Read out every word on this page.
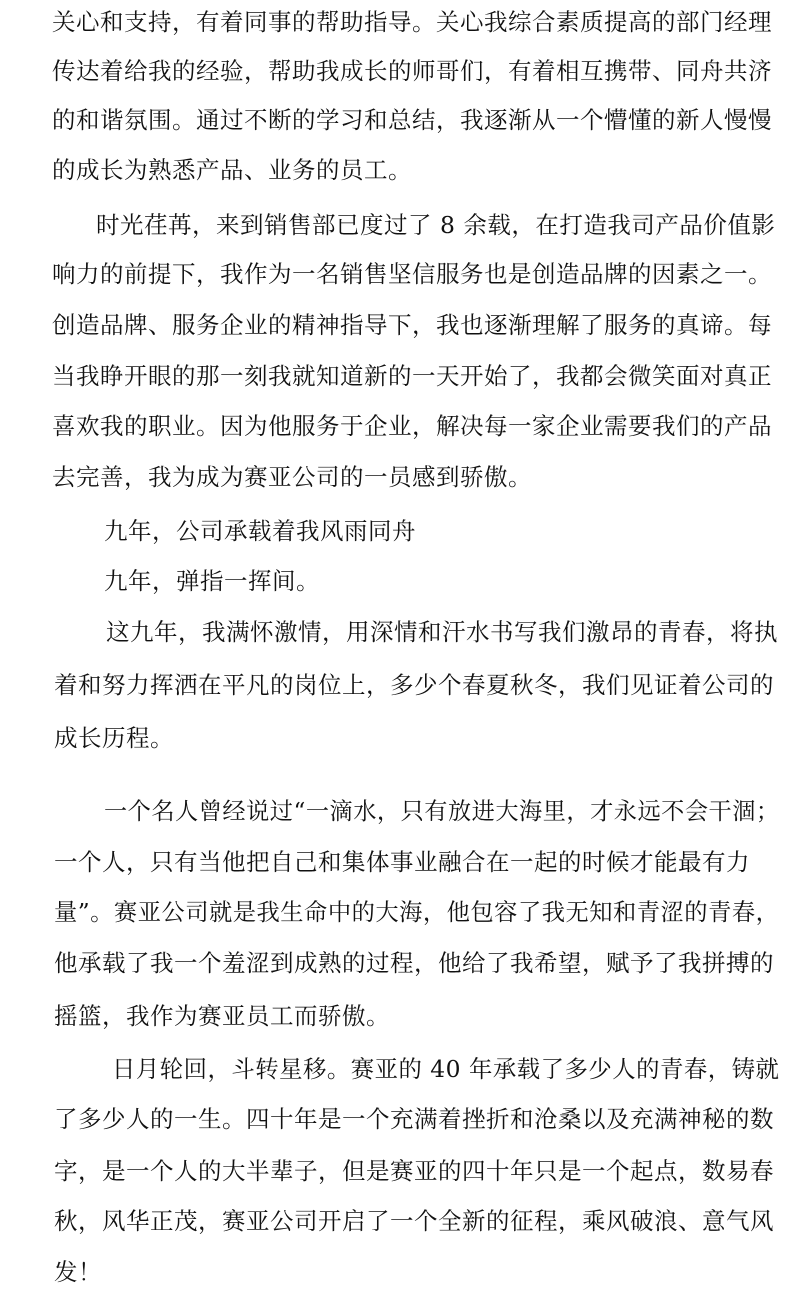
关心和支持，有着同事的帮助指导。关心我综合素质提高的部门经理

传达着给我的经验，帮助我成长的师哥们，有着相互携带、同舟共济

的和谐氛围。通过不断的学习和总结，我逐渐从一个懵懂的新人慢慢

的成长为熟悉产品、业务的员工。

时光荏苒，来到销售部已度过了 8 余载，在打造我司产品价值影

响力的前提下，我作为一名销售坚信服务也是创造品牌的因素之一。

创造品牌、服务企业的精神指导下，我也逐渐理解了服务的真谛。每

当我睁开眼的那一刻我就知道新的一天开始了，我都会微笑面对真正

喜欢我的职业。因为他服务于企业，解决每一家企业需要我们的产品

去完善，我为成为赛亚公司的一员感到骄傲。

九年，公司承载着我风雨同舟

九年，弹指一挥间。

这九年，我满怀激情，用深情和汗水书写我们激昂的青春，将执

着和努力挥洒在平凡的岗位上，多少个春夏秋冬，我们见证着公司的

成长历程。

一个名人曾经说过“一滴水，只有放进大海里，才永远不会干涸；

一个人，只有当他把自己和集体事业融合在一起的时候才能最有力

量”。赛亚公司就是我生命中的大海，他包容了我无知和青涩的青春，

他承载了我一个羞涩到成熟的过程，他给了我希望，赋予了我拼搏的

摇篮，我作为赛亚员工而骄傲。

日月轮回，斗转星移。赛亚的 40 年承载了多少人的青春，铸就

了多少人的一生。四十年是一个充满着挫折和沧桑以及充满神秘的数

字，是一个人的大半辈子，但是赛亚的四十年只是一个起点，数易春

秋，风华正茂，赛亚公司开启了一个全新的征程，乘风破浪、意气风

发！
